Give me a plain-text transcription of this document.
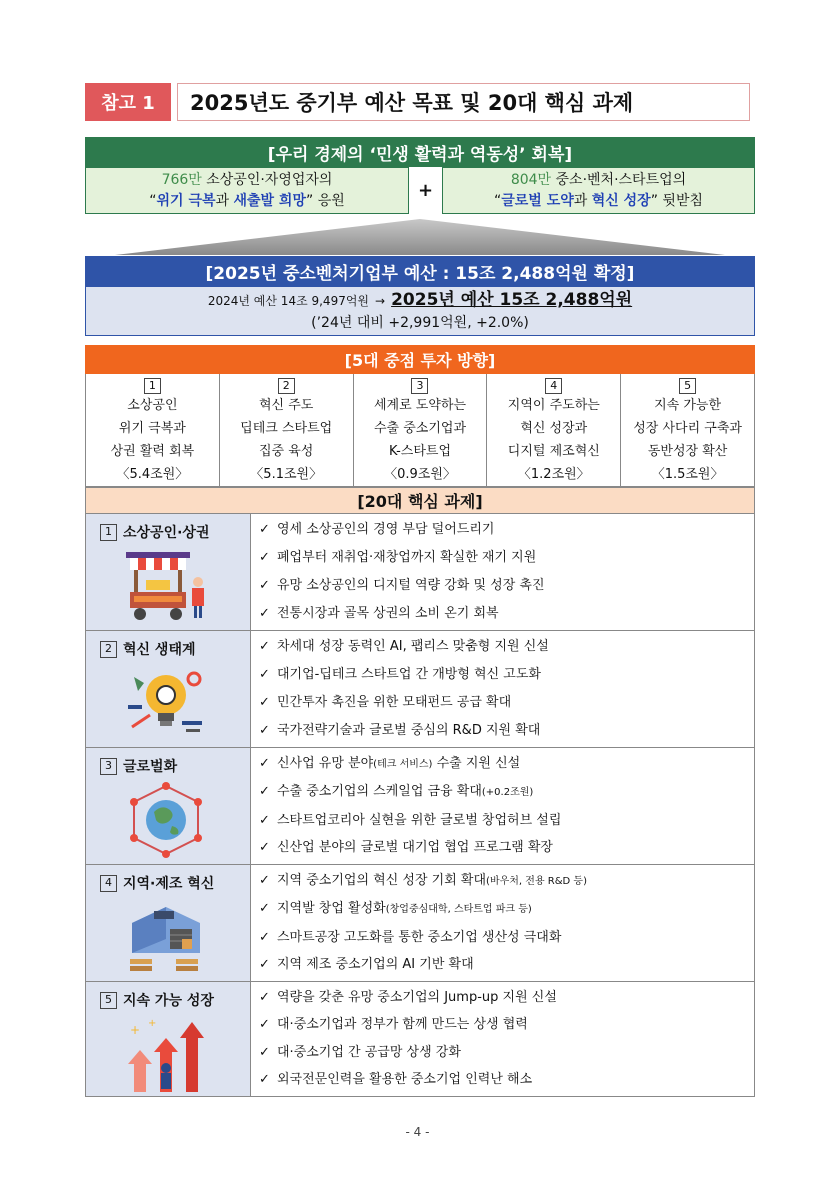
참고 1	2025년도 중기부 예산 목표 및 20대 핵심 과제
[우리 경제의 ‘민생 활력과 역동성’ 회복]
766만 소상공인·자영업자의
“위기 극복과 새출발 희망” 응원	+
804만 중소·벤처·스타트업의
“글로벌 도약과 혁신 성장” 뒷받침
[2025년 중소벤처기업부 예산 : 15조 2,488억원 확정]
2024년 예산 14조 9,497억원 → 2025년 예산 15조 2,488억원
(’24년 대비 +2,991억원, +2.0%)
[5대 중점 투자 방향]
1
소상공인
위기 극복과
상권 활력 회복
〈5.4조원〉
2
혁신 주도
딥테크 스타트업
집중 육성
〈5.1조원〉
3
세계로 도약하는
수출 중소기업과
K-스타트업
〈0.9조원〉
4
지역이 주도하는
혁신 성장과
디지털 제조혁신
〈1.2조원〉
5
지속 가능한
성장 사다리 구축과
동반성장 확산
〈1.5조원〉
[20대 핵심 과제]
1 소상공인·상권	✓ 영세 소상공인의 경영 부담 덜어드리기
✓ 폐업부터 재취업·재창업까지 확실한 재기 지원
✓ 유망 소상공인의 디지털 역량 강화 및 성장 촉진
✓ 전통시장과 골목 상권의 소비 온기 회복
2 혁신 생태계	✓ 차세대 성장 동력인 AI, 팹리스 맞춤형 지원 신설
✓ 대기업-딥테크 스타트업 간 개방형 혁신 고도화
✓ 민간투자 촉진을 위한 모태펀드 공급 확대
✓ 국가전략기술과 글로벌 중심의 R&D 지원 확대
3 글로벌화	✓ 신사업 유망 분야(테크 서비스) 수출 지원 신설
✓ 수출 중소기업의 스케일업 금융 확대(+0.2조원)
✓ 스타트업코리아 실현을 위한 글로벌 창업허브 설립
✓ 신산업 분야의 글로벌 대기업 협업 프로그램 확장
4 지역·제조 혁신	✓ 지역 중소기업의 혁신 성장 기회 확대(바우처, 전용 R&D 등)
✓ 지역발 창업 활성화(창업중심대학, 스타트업 파크 등)
✓ 스마트공장 고도화를 통한 중소기업 생산성 극대화
✓ 지역 제조 중소기업의 AI 기반 확대
5 지속 가능 성장
+ +
✓ 역량을 갖춘 유망 중소기업의 Jump-up 지원 신설
✓ 대·중소기업과 정부가 함께 만드는 상생 협력
✓ 대·중소기업 간 공급망 상생 강화
✓ 외국전문인력을 활용한 중소기업 인력난 해소
- 4 -
